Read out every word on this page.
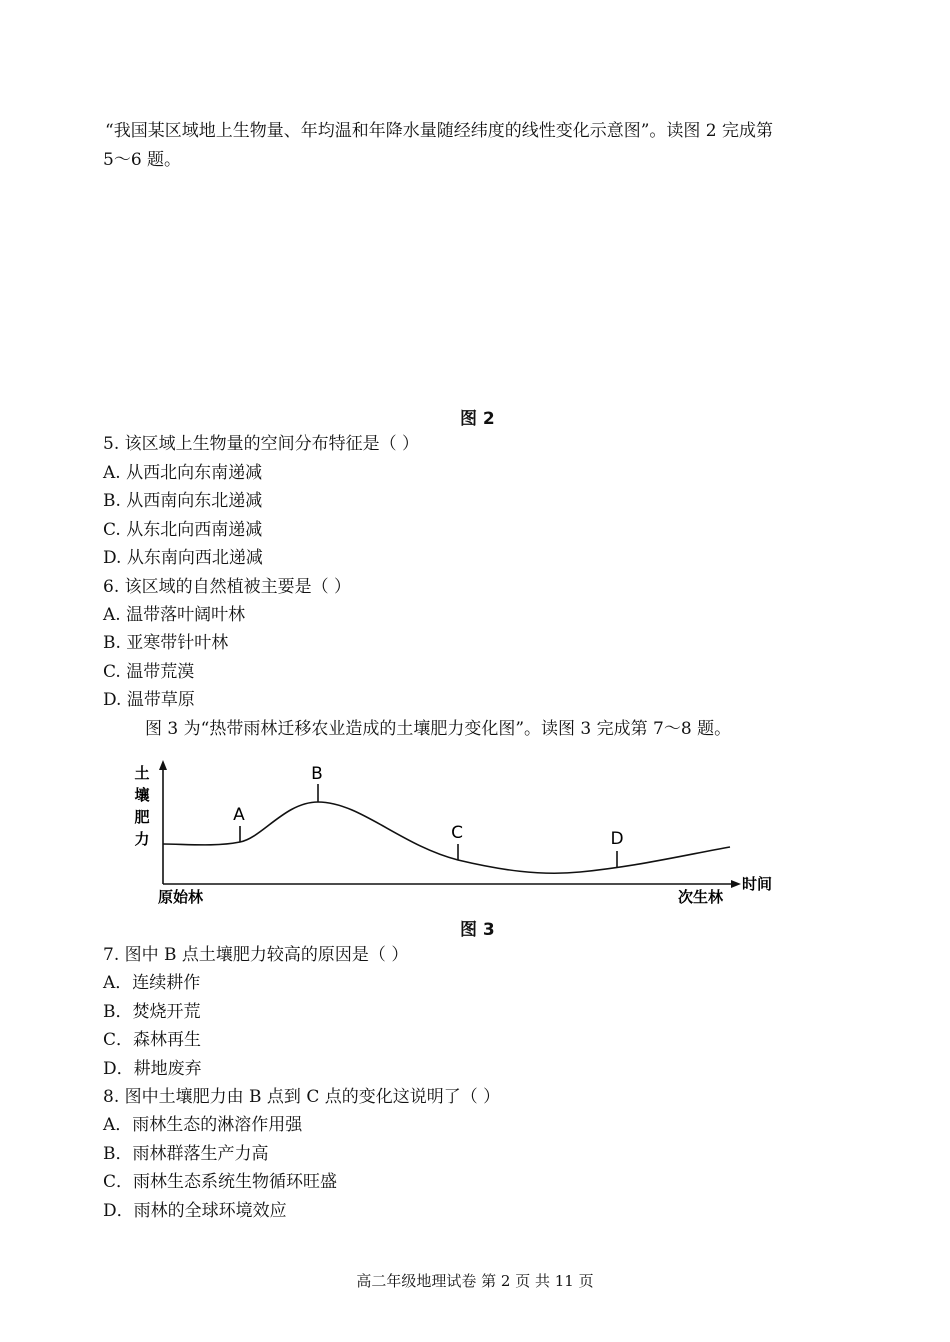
“我国某区域地上生物量、年均温和年降水量随经纬度的线性变化示意图”。读图 2 完成第
5～6 题。
图 2
5. 该区域上生物量的空间分布特征是（ ）
A. 从西北向东南递减
B. 从西南向东北递减
C. 从东北向西南递减
D. 从东南向西北递减
6. 该区域的自然植被主要是（ ）
A. 温带落叶阔叶林
B. 亚寒带针叶林
C. 温带荒漠
D. 温带草原
图 3 为“热带雨林迁移农业造成的土壤肥力变化图”。读图 3 完成第 7～8 题。
土
壤
肥
力
时间
原始林	次生林
A
B
C	D
图 3
7. 图中 B 点土壤肥力较高的原因是（ ）
A．连续耕作
B．焚烧开荒
C．森林再生
D．耕地废弃
8. 图中土壤肥力由 B 点到 C 点的变化这说明了（ ）
A．雨林生态的淋溶作用强
B．雨林群落生产力高
C．雨林生态系统生物循环旺盛
D．雨林的全球环境效应
高二年级地理试卷 第 2 页 共 11 页
